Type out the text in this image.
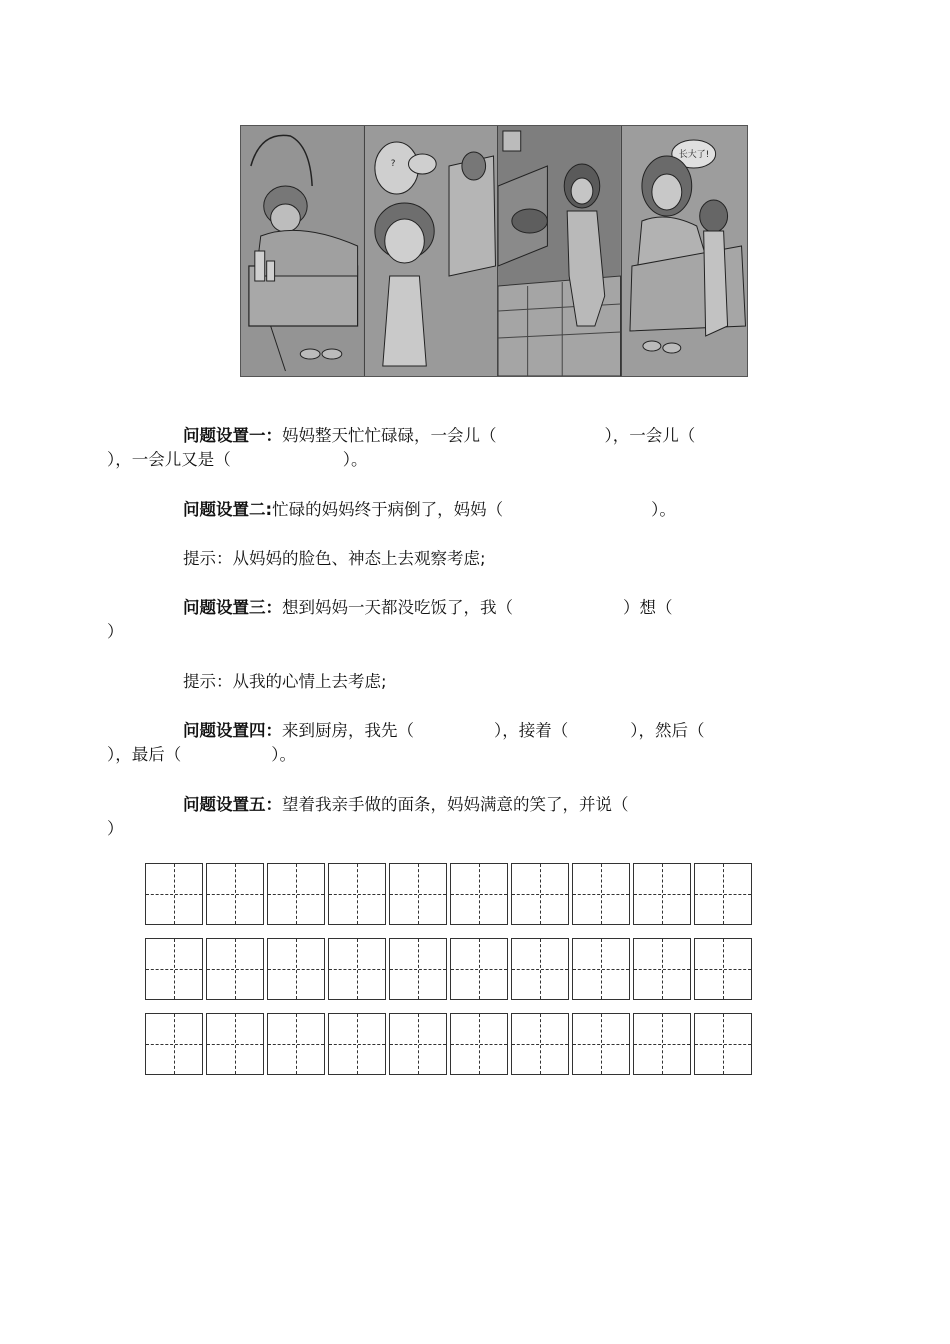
?
长大了!

问题设置一：妈妈整天忙忙碌碌，一会儿（	），一会儿（
），一会儿又是（	）。

问题设置二:忙碌的妈妈终于病倒了，妈妈（	）。

提示：从妈妈的脸色、神态上去观察考虑;

问题设置三：想到妈妈一天都没吃饭了，我（	）想（
）

提示：从我的心情上去考虑;

问题设置四：来到厨房，我先（	），接着（	），然后（
），最后（	）。

问题设置五：望着我亲手做的面条，妈妈满意的笑了，并说（
）
